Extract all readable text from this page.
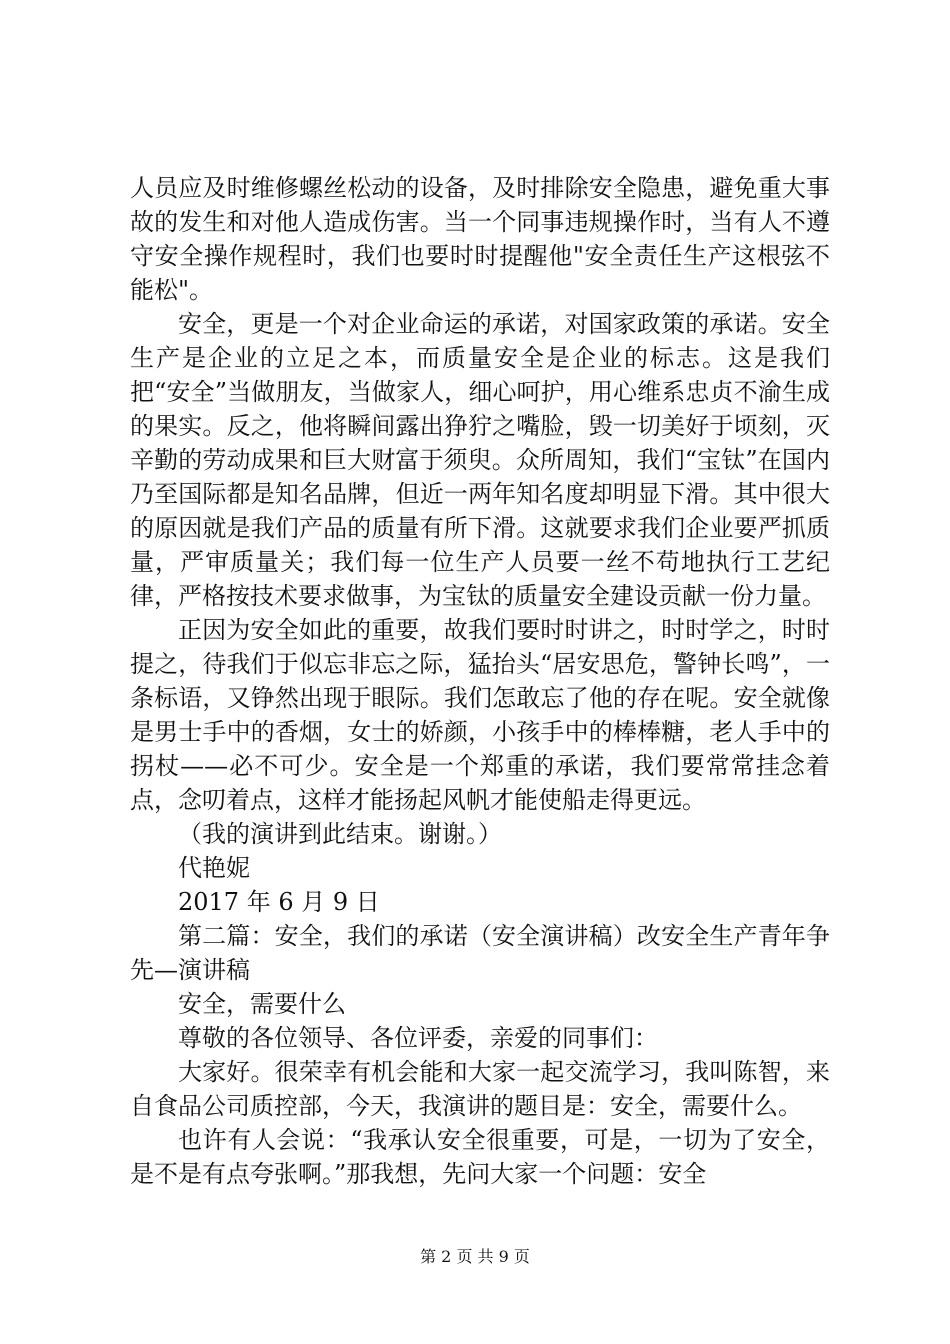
人员应及时维修螺丝松动的设备，及时排除安全隐患，避免重大事故的发生和对他人造成伤害。当一个同事违规操作时，当有人不遵守安全操作规程时，我们也要时时提醒他"安全责任生产这根弦不能松"。

安全，更是一个对企业命运的承诺，对国家政策的承诺。安全生产是企业的立足之本，而质量安全是企业的标志。这是我们把“安全”当做朋友，当做家人，细心呵护，用心维系忠贞不渝生成的果实。反之，他将瞬间露出狰狞之嘴脸，毁一切美好于顷刻，灭辛勤的劳动成果和巨大财富于须臾。众所周知，我们“宝钛”在国内乃至国际都是知名品牌，但近一两年知名度却明显下滑。其中很大的原因就是我们产品的质量有所下滑。这就要求我们企业要严抓质量，严审质量关；我们每一位生产人员要一丝不苟地执行工艺纪律，严格按技术要求做事，为宝钛的质量安全建设贡献一份力量。

正因为安全如此的重要，故我们要时时讲之，时时学之，时时提之，待我们于似忘非忘之际，猛抬头“居安思危，警钟长鸣”，一条标语，又铮然出现于眼际。我们怎敢忘了他的存在呢。安全就像是男士手中的香烟，女士的娇颜，小孩手中的棒棒糖，老人手中的拐杖——必不可少。安全是一个郑重的承诺，我们要常常挂念着点，念叨着点，这样才能扬起风帆才能使船走得更远。

（我的演讲到此结束。谢谢。）

代艳妮

2017 年 6 月 9 日

第二篇：安全，我们的承诺（安全演讲稿）改安全生产青年争先—演讲稿

安全，需要什么

尊敬的各位领导、各位评委，亲爱的同事们：

大家好。很荣幸有机会能和大家一起交流学习，我叫陈智，来自食品公司质控部，今天，我演讲的题目是：安全，需要什么。

也许有人会说：“我承认安全很重要，可是，一切为了安全，是不是有点夸张啊。”那我想，先问大家一个问题：安全

第 2 页 共 9 页
